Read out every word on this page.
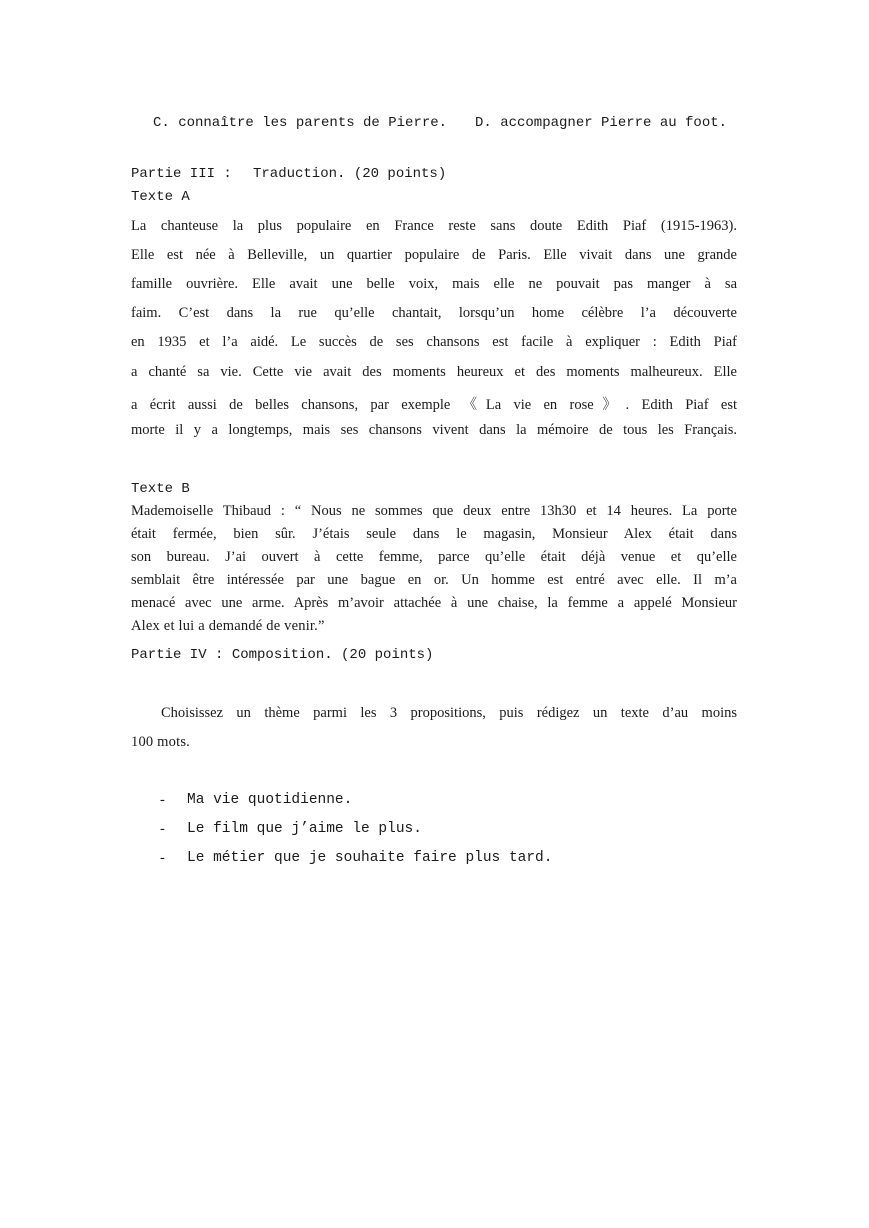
C. connaître les parents de Pierre. D. accompagner Pierre au foot.
Partie III : Traduction. (20 points)
Texte A
La chanteuse la plus populaire en France reste sans doute Edith Piaf (1915-1963).
Elle est née à Belleville, un quartier populaire de Paris. Elle vivait dans une grande
famille ouvrière. Elle avait une belle voix, mais elle ne pouvait pas manger à sa
faim. C’est dans la rue qu’elle chantait, lorsqu’un home célèbre l’a découverte
en 1935 et l’a aidé. Le succès de ses chansons est facile à expliquer : Edith Piaf
a chanté sa vie. Cette vie avait des moments heureux et des moments malheureux. Elle
a écrit aussi de belles chansons, par exemple 《La vie en rose》. Edith Piaf est
morte il y a longtemps, mais ses chansons vivent dans la mémoire de tous les Français.
Texte B
Mademoiselle Thibaud : “ Nous ne sommes que deux entre 13h30 et 14 heures. La porte
était fermée, bien sûr. J’étais seule dans le magasin, Monsieur Alex était dans
son bureau. J’ai ouvert à cette femme, parce qu’elle était déjà venue et qu’elle
semblait être intéressée par une bague en or. Un homme est entré avec elle. Il m’a
menacé avec une arme. Après m’avoir attachée à une chaise, la femme a appelé Monsieur
Alex et lui a demandé de venir.”
Partie IV : Composition. (20 points)
Choisissez un thème parmi les 3 propositions, puis rédigez un texte d’au moins
100 mots.
- Ma vie quotidienne.
- Le film que j’aime le plus.
- Le métier que je souhaite faire plus tard.
